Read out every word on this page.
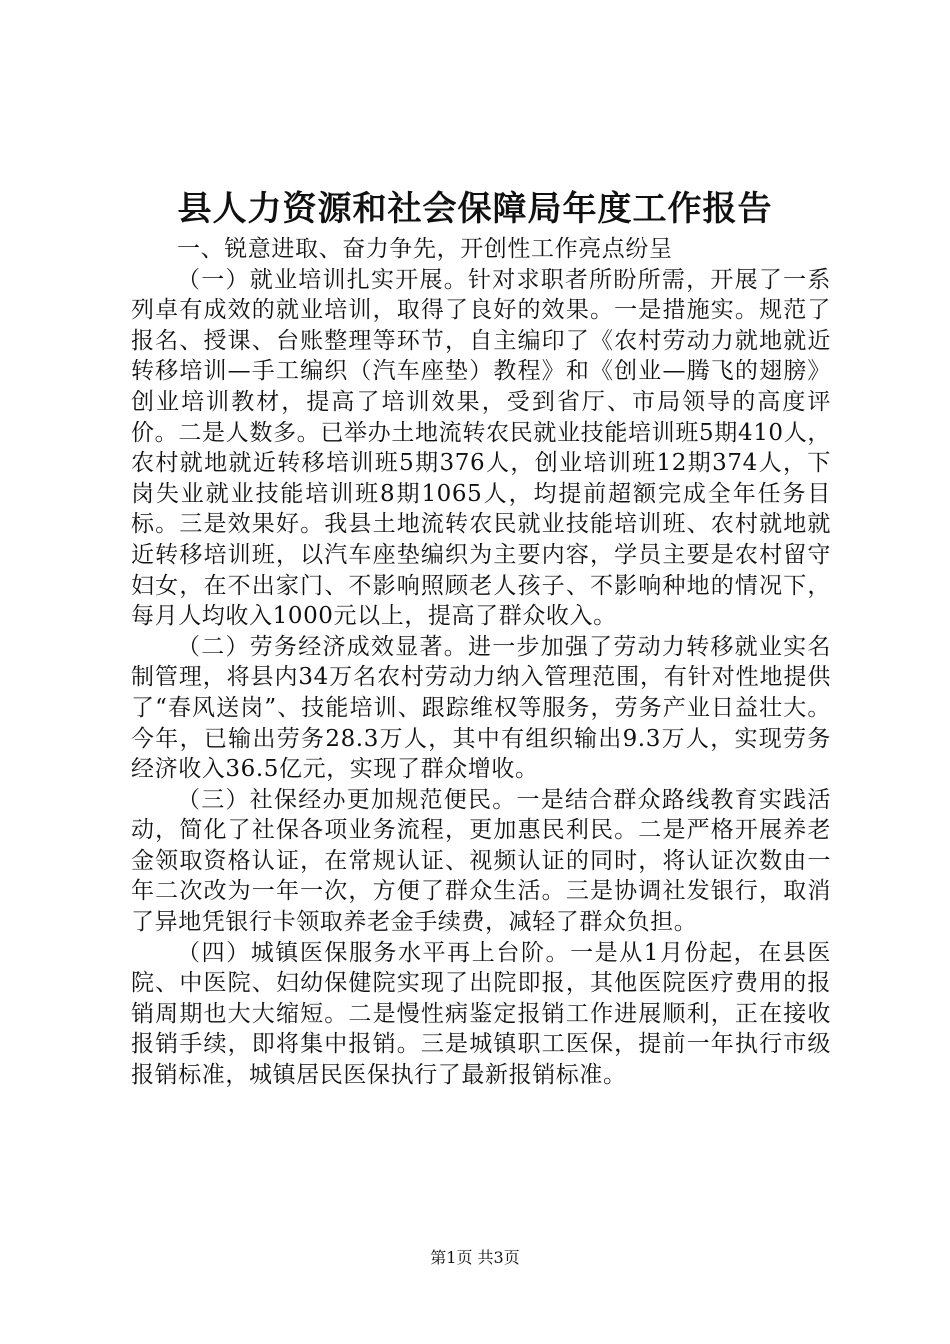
县人力资源和社会保障局年度工作报告

一、锐意进取、奋力争先，开创性工作亮点纷呈

（一）就业培训扎实开展。针对求职者所盼所需，开展了一系列卓有成效的就业培训，取得了良好的效果。一是措施实。规范了报名、授课、台账整理等环节，自主编印了《农村劳动力就地就近转移培训—手工编织（汽车座垫）教程》和《创业—腾飞的翅膀》创业培训教材，提高了培训效果，受到省厅、市局领导的高度评价。二是人数多。已举办土地流转农民就业技能培训班5期410人，农村就地就近转移培训班5期376人，创业培训班12期374人，下岗失业就业技能培训班8期1065人，均提前超额完成全年任务目标。三是效果好。我县土地流转农民就业技能培训班、农村就地就近转移培训班，以汽车座垫编织为主要内容，学员主要是农村留守妇女，在不出家门、不影响照顾老人孩子、不影响种地的情况下，每月人均收入1000元以上，提高了群众收入。

（二）劳务经济成效显著。进一步加强了劳动力转移就业实名制管理，将县内34万名农村劳动力纳入管理范围，有针对性地提供了“春风送岗”、技能培训、跟踪维权等服务，劳务产业日益壮大。今年，已输出劳务28.3万人，其中有组织输出9.3万人，实现劳务经济收入36.5亿元，实现了群众增收。

（三）社保经办更加规范便民。一是结合群众路线教育实践活动，简化了社保各项业务流程，更加惠民利民。二是严格开展养老金领取资格认证，在常规认证、视频认证的同时，将认证次数由一年二次改为一年一次，方便了群众生活。三是协调社发银行，取消了异地凭银行卡领取养老金手续费，减轻了群众负担。

（四）城镇医保服务水平再上台阶。一是从1月份起，在县医院、中医院、妇幼保健院实现了出院即报，其他医院医疗费用的报销周期也大大缩短。二是慢性病鉴定报销工作进展顺利，正在接收报销手续，即将集中报销。三是城镇职工医保，提前一年执行市级报销标准，城镇居民医保执行了最新报销标准。

第1页 共3页
